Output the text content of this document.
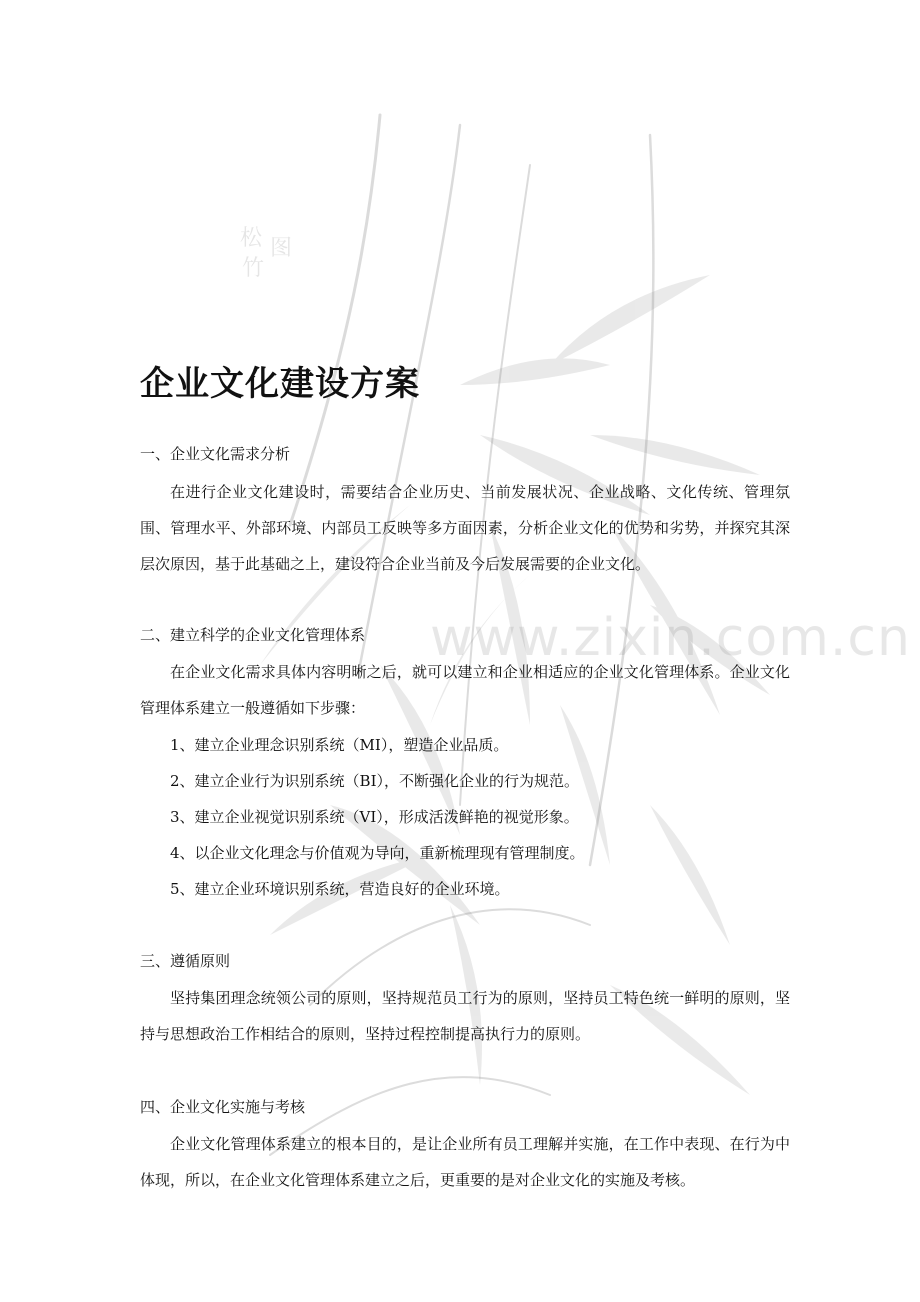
松
竹
图
企业文化建设方案
一、企业文化需求分析

在进行企业文化建设时，需要结合企业历史、当前发展状况、企业战略、文化传统、管理氛围、管理水平、外部环境、内部员工反映等多方面因素，分析企业文化的优势和劣势，并探究其深层次原因，基于此基础之上，建设符合企业当前及今后发展需要的企业文化。

www.zixin.com.cn
二、建立科学的企业文化管理体系

在企业文化需求具体内容明晰之后，就可以建立和企业相适应的企业文化管理体系。企业文化管理体系建立一般遵循如下步骤：

1、建立企业理念识别系统（MI），塑造企业品质。
2、建立企业行为识别系统（BI），不断强化企业的行为规范。
3、建立企业视觉识别系统（VI），形成活泼鲜艳的视觉形象。
4、以企业文化理念与价值观为导向，重新梳理现有管理制度。
5、建立企业环境识别系统，营造良好的企业环境。
三、遵循原则

坚持集团理念统领公司的原则，坚持规范员工行为的原则，坚持员工特色统一鲜明的原则，坚持与思想政治工作相结合的原则，坚持过程控制提高执行力的原则。

四、企业文化实施与考核

企业文化管理体系建立的根本目的，是让企业所有员工理解并实施，在工作中表现、在行为中体现，所以，在企业文化管理体系建立之后，更重要的是对企业文化的实施及考核。
